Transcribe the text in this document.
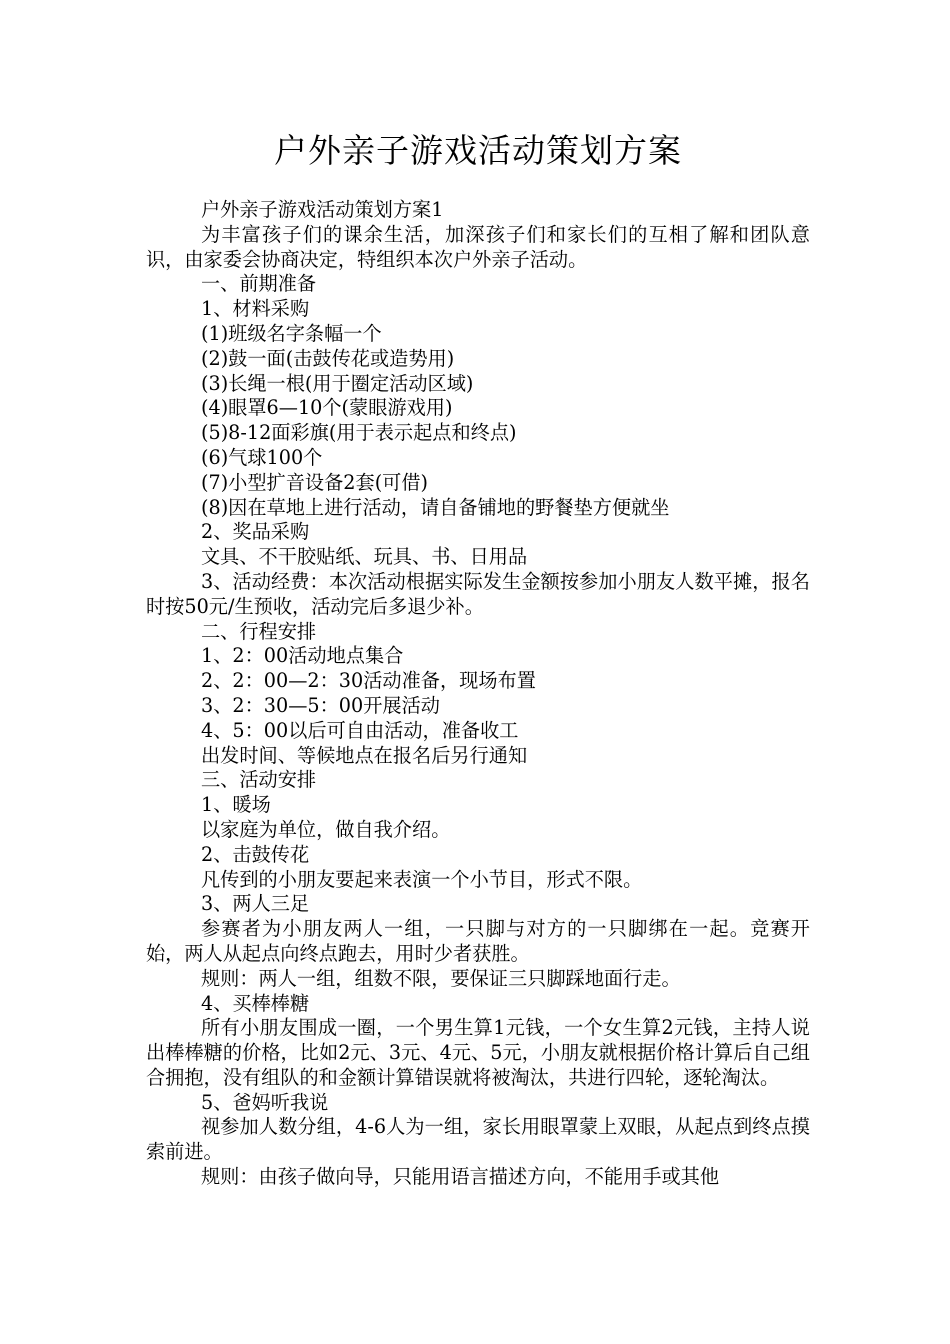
户外亲子游戏活动策划方案

户外亲子游戏活动策划方案1

为丰富孩子们的课余生活，加深孩子们和家长们的互相了解和团队意识，由家委会协商决定，特组织本次户外亲子活动。

一、前期准备

1、材料采购

(1)班级名字条幅一个

(2)鼓一面(击鼓传花或造势用)

(3)长绳一根(用于圈定活动区域)

(4)眼罩6—10个(蒙眼游戏用)

(5)8-12面彩旗(用于表示起点和终点)

(6)气球100个

(7)小型扩音设备2套(可借)

(8)因在草地上进行活动，请自备铺地的野餐垫方便就坐

2、奖品采购

文具、不干胶贴纸、玩具、书、日用品

3、活动经费：本次活动根据实际发生金额按参加小朋友人数平摊，报名时按50元/生预收，活动完后多退少补。

二、行程安排

1、2：00活动地点集合

2、2：00—2：30活动准备，现场布置

3、2：30—5：00开展活动

4、5：00以后可自由活动，准备收工

出发时间、等候地点在报名后另行通知

三、活动安排

1、暖场

以家庭为单位，做自我介绍。

2、击鼓传花

凡传到的小朋友要起来表演一个小节目，形式不限。

3、两人三足

参赛者为小朋友两人一组，一只脚与对方的一只脚绑在一起。竞赛开始，两人从起点向终点跑去，用时少者获胜。

规则：两人一组，组数不限，要保证三只脚踩地面行走。

4、买棒棒糖

所有小朋友围成一圈，一个男生算1元钱，一个女生算2元钱，主持人说出棒棒糖的价格，比如2元、3元、4元、5元，小朋友就根据价格计算后自己组合拥抱，没有组队的和金额计算错误就将被淘汰，共进行四轮，逐轮淘汰。

5、爸妈听我说

视参加人数分组，4-6人为一组，家长用眼罩蒙上双眼，从起点到终点摸索前进。

规则：由孩子做向导，只能用语言描述方向，不能用手或其他
